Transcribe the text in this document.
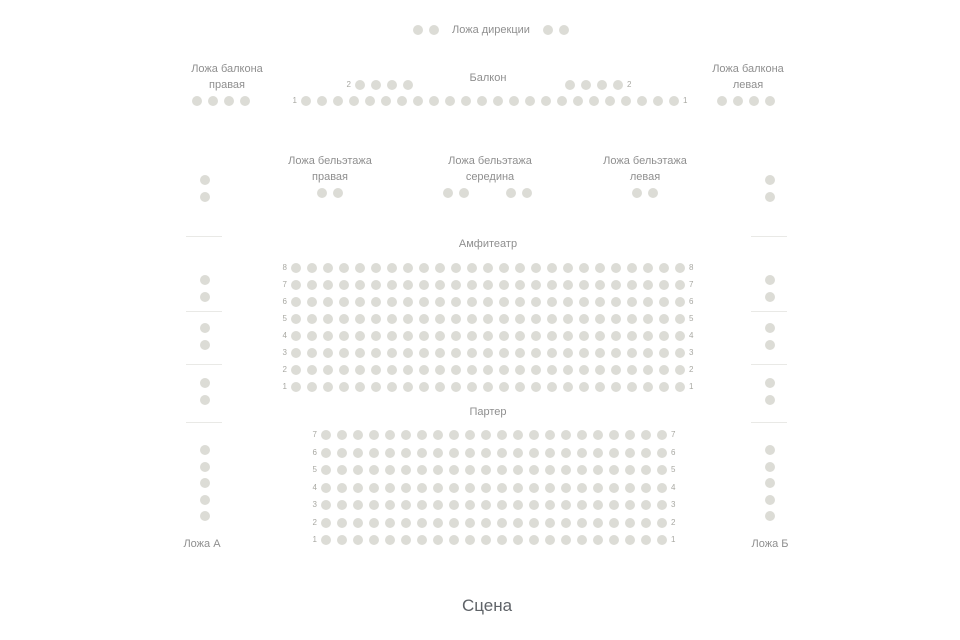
Ложа дирекции
Ложа балкона правая
Ложа балкона левая
Балкон
2	2
1	1
Ложа бельэтажа правая
Ложа бельэтажа середина
Ложа бельэтажа левая
Ложа А	Ложа Б
Амфитеатр
8	8
7	7
6	6
5	5
4	4
3	3
2	2
1	1
Партер
7	7
6	6
5	5
4	4
3	3
2	2
1	1
Сцена
